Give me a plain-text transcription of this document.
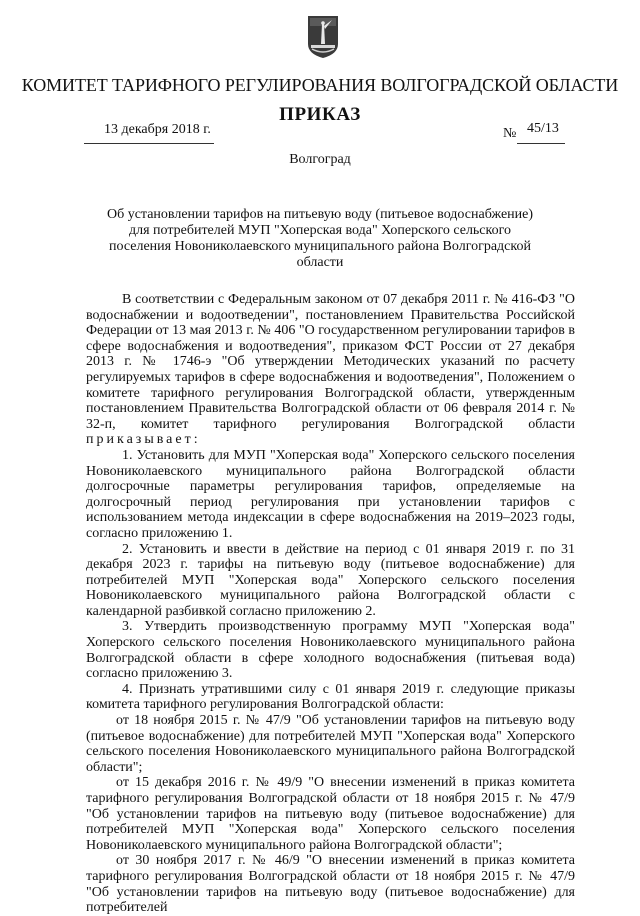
КОМИТЕТ ТАРИФНОГО РЕГУЛИРОВАНИЯ ВОЛГОГРАДСКОЙ ОБЛАСТИ
ПРИКАЗ
13 декабря 2018 г.	№ 45/13
Волгоград
Об установлении тарифов на питьевую воду (питьевое водоснабжение) для потребителей МУП "Хоперская вода" Хоперского сельского поселения Новониколаевского муниципального района Волгоградской области

В соответствии с Федеральным законом от 07 декабря 2011 г. № 416-ФЗ "О водоснабжении и водоотведении", постановлением Правительства Российской Федерации от 13 мая 2013 г. № 406 "О государственном регулировании тарифов в сфере водоснабжения и водоотведения", приказом ФСТ России от 27 декабря 2013 г. № 1746-э "Об утверждении Методических указаний по расчету регулируемых тарифов в сфере водоснабжения и водоотведения", Положением о комитете тарифного регулирования Волгоградской области, утвержденным постановлением Правительства Волгоградской области от 06 февраля 2014 г. № 32-п, комитет тарифного регулирования Волгоградской области приказывает:

1. Установить для МУП "Хоперская вода" Хоперского сельского поселения Новониколаевского муниципального района Волгоградской области долгосрочные параметры регулирования тарифов, определяемые на долгосрочный период регулирования при установлении тарифов с использованием метода индексации в сфере водоснабжения на 2019–2023 годы, согласно приложению 1.

2. Установить и ввести в действие на период с 01 января 2019 г. по 31 декабря 2023 г. тарифы на питьевую воду (питьевое водоснабжение) для потребителей МУП "Хоперская вода" Хоперского сельского поселения Новониколаевского муниципального района Волгоградской области с календарной разбивкой согласно приложению 2.

3. Утвердить производственную программу МУП "Хоперская вода" Хоперского сельского поселения Новониколаевского муниципального района Волгоградской области в сфере холодного водоснабжения (питьевая вода) согласно приложению 3.

4. Признать утратившими силу с 01 января 2019 г. следующие приказы комитета тарифного регулирования Волгоградской области:

от 18 ноября 2015 г. № 47/9 "Об установлении тарифов на питьевую воду (питьевое водоснабжение) для потребителей МУП "Хоперская вода" Хоперского сельского поселения Новониколаевского муниципального района Волгоградской области";

от 15 декабря 2016 г. № 49/9 "О внесении изменений в приказ комитета тарифного регулирования Волгоградской области от 18 ноября 2015 г. № 47/9 "Об установлении тарифов на питьевую воду (питьевое водоснабжение) для потребителей МУП "Хоперская вода" Хоперского сельского поселения Новониколаевского муниципального района Волгоградской области";

от 30 ноября 2017 г. № 46/9 "О внесении изменений в приказ комитета тарифного регулирования Волгоградской области от 18 ноября 2015 г. № 47/9 "Об установлении тарифов на питьевую воду (питьевое водоснабжение) для потребителей
